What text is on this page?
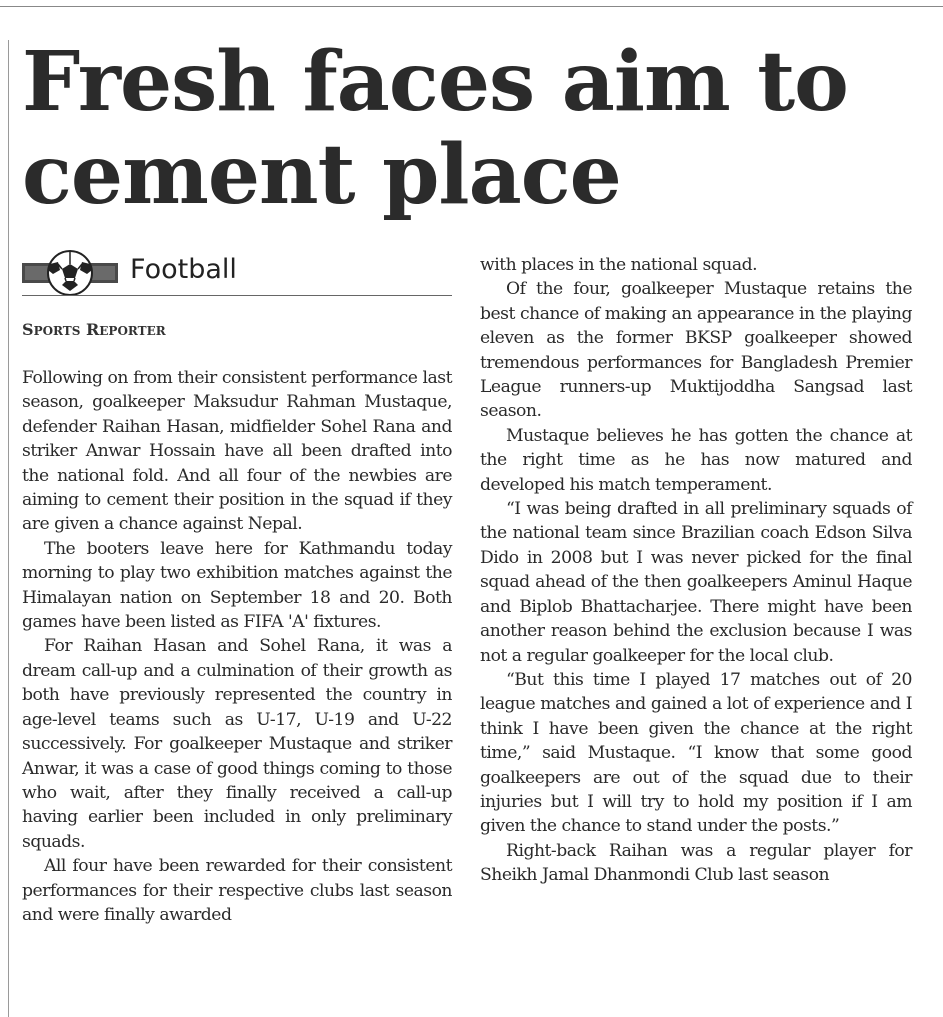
Fresh faces aim to cement place
Football
SPORTS REPORTER

Following on from their consistent performance last season, goalkeeper Maksudur Rahman Mustaque, defender Raihan Hasan, midfielder Sohel Rana and striker Anwar Hossain have all been drafted into the national fold. And all four of the newbies are aiming to cement their position in the squad if they are given a chance against Nepal.

The booters leave here for Kathmandu today morning to play two exhibition matches against the Himalayan nation on September 18 and 20. Both games have been listed as FIFA 'A' fixtures.

For Raihan Hasan and Sohel Rana, it was a dream call-up and a culmination of their growth as both have previously represented the country in age-level teams such as U-17, U-19 and U-22 successively. For goalkeeper Mustaque and striker Anwar, it was a case of good things coming to those who wait, after they finally received a call-up having earlier been included in only preliminary squads.

All four have been rewarded for their consistent performances for their respective clubs last season and were finally awarded

with places in the national squad.

Of the four, goalkeeper Mustaque retains the best chance of making an appearance in the playing eleven as the former BKSP goalkeeper showed tremendous performances for Bangladesh Premier League runners-up Muktijoddha Sangsad last season.

Mustaque believes he has gotten the chance at the right time as he has now matured and developed his match temperament.

“I was being drafted in all preliminary squads of the national team since Brazilian coach Edson Silva Dido in 2008 but I was never picked for the final squad ahead of the then goalkeepers Aminul Haque and Biplob Bhattacharjee. There might have been another reason behind the exclusion because I was not a regular goalkeeper for the local club.

“But this time I played 17 matches out of 20 league matches and gained a lot of experience and I think I have been given the chance at the right time,” said Mustaque. “I know that some good goalkeepers are out of the squad due to their injuries but I will try to hold my position if I am given the chance to stand under the posts.”

Right-back Raihan was a regular player for Sheikh Jamal Dhanmondi Club last season
